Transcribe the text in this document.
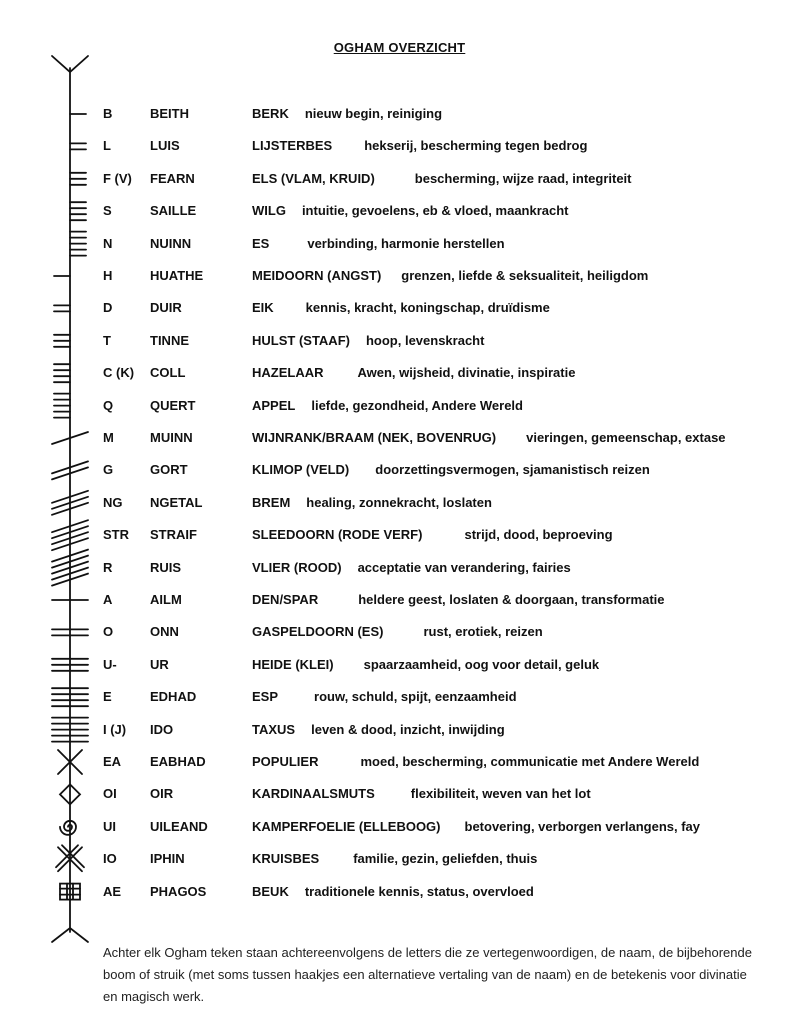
OGHAM OVERZICHT
B	BEITH	BERK nieuw begin, reiniging
L	LUIS	LIJSTERBES hekserij, bescherming tegen bedrog
F (V) FEARN	ELS (VLAM, KRUID)	bescherming, wijze raad, integriteit
S	SAILLE	WILG intuitie, gevoelens, eb & vloed, maankracht
N	NUINN	ES	verbinding, harmonie herstellen
H	HUATHE	MEIDOORN (ANGST) grenzen, liefde & seksualiteit, heiligdom
D	DUIR	EIK kennis, kracht, koningschap, druïdisme
T	TINNE	HULST (STAAF) hoop, levenskracht
C (K) COLL	HAZELAAR	Awen, wijsheid, divinatie, inspiratie
Q	QUERT	APPEL liefde, gezondheid, Andere Wereld
M	MUINN	WIJNRANK/BRAAM (NEK, BOVENRUG) vieringen, gemeenschap, extase
G	GORT	KLIMOP (VELD) doorzettingsvermogen, sjamanistisch reizen
NG NGETAL	BREM healing, zonnekracht, loslaten
STR STRAIF	SLEEDOORN (RODE VERF)	strijd, dood, beproeving
R	RUIS	VLIER (ROOD) acceptatie van verandering, fairies
A	AILM	DEN/SPAR	heldere geest, loslaten & doorgaan, transformatie
O	ONN	GASPELDOORN (ES)	rust, erotiek, reizen
U-	UR	HEIDE (KLEI) spaarzaamheid, oog voor detail, geluk
E	EDHAD	ESP	rouw, schuld, spijt, eenzaamheid
I (J) IDO	TAXUS leven & dood, inzicht, inwijding
EA EABHAD	POPULIER	moed, bescherming, communicatie met Andere Wereld
OI	OIR	KARDINAALSMUTS	flexibiliteit, weven van het lot
UI	UILEAND	KAMPERFOELIE (ELLEBOOG) betovering, verborgen verlangens, fay
IO	IPHIN	KRUISBES	familie, gezin, geliefden, thuis
AE PHAGOS	BEUK traditionele kennis, status, overvloed
Achter elk Ogham teken staan achtereenvolgens de letters die ze vertegenwoordigen, de naam, de bijbehorende boom of struik (met soms tussen haakjes een alternatieve vertaling van de naam) en de betekenis voor divinatie en magisch werk.
